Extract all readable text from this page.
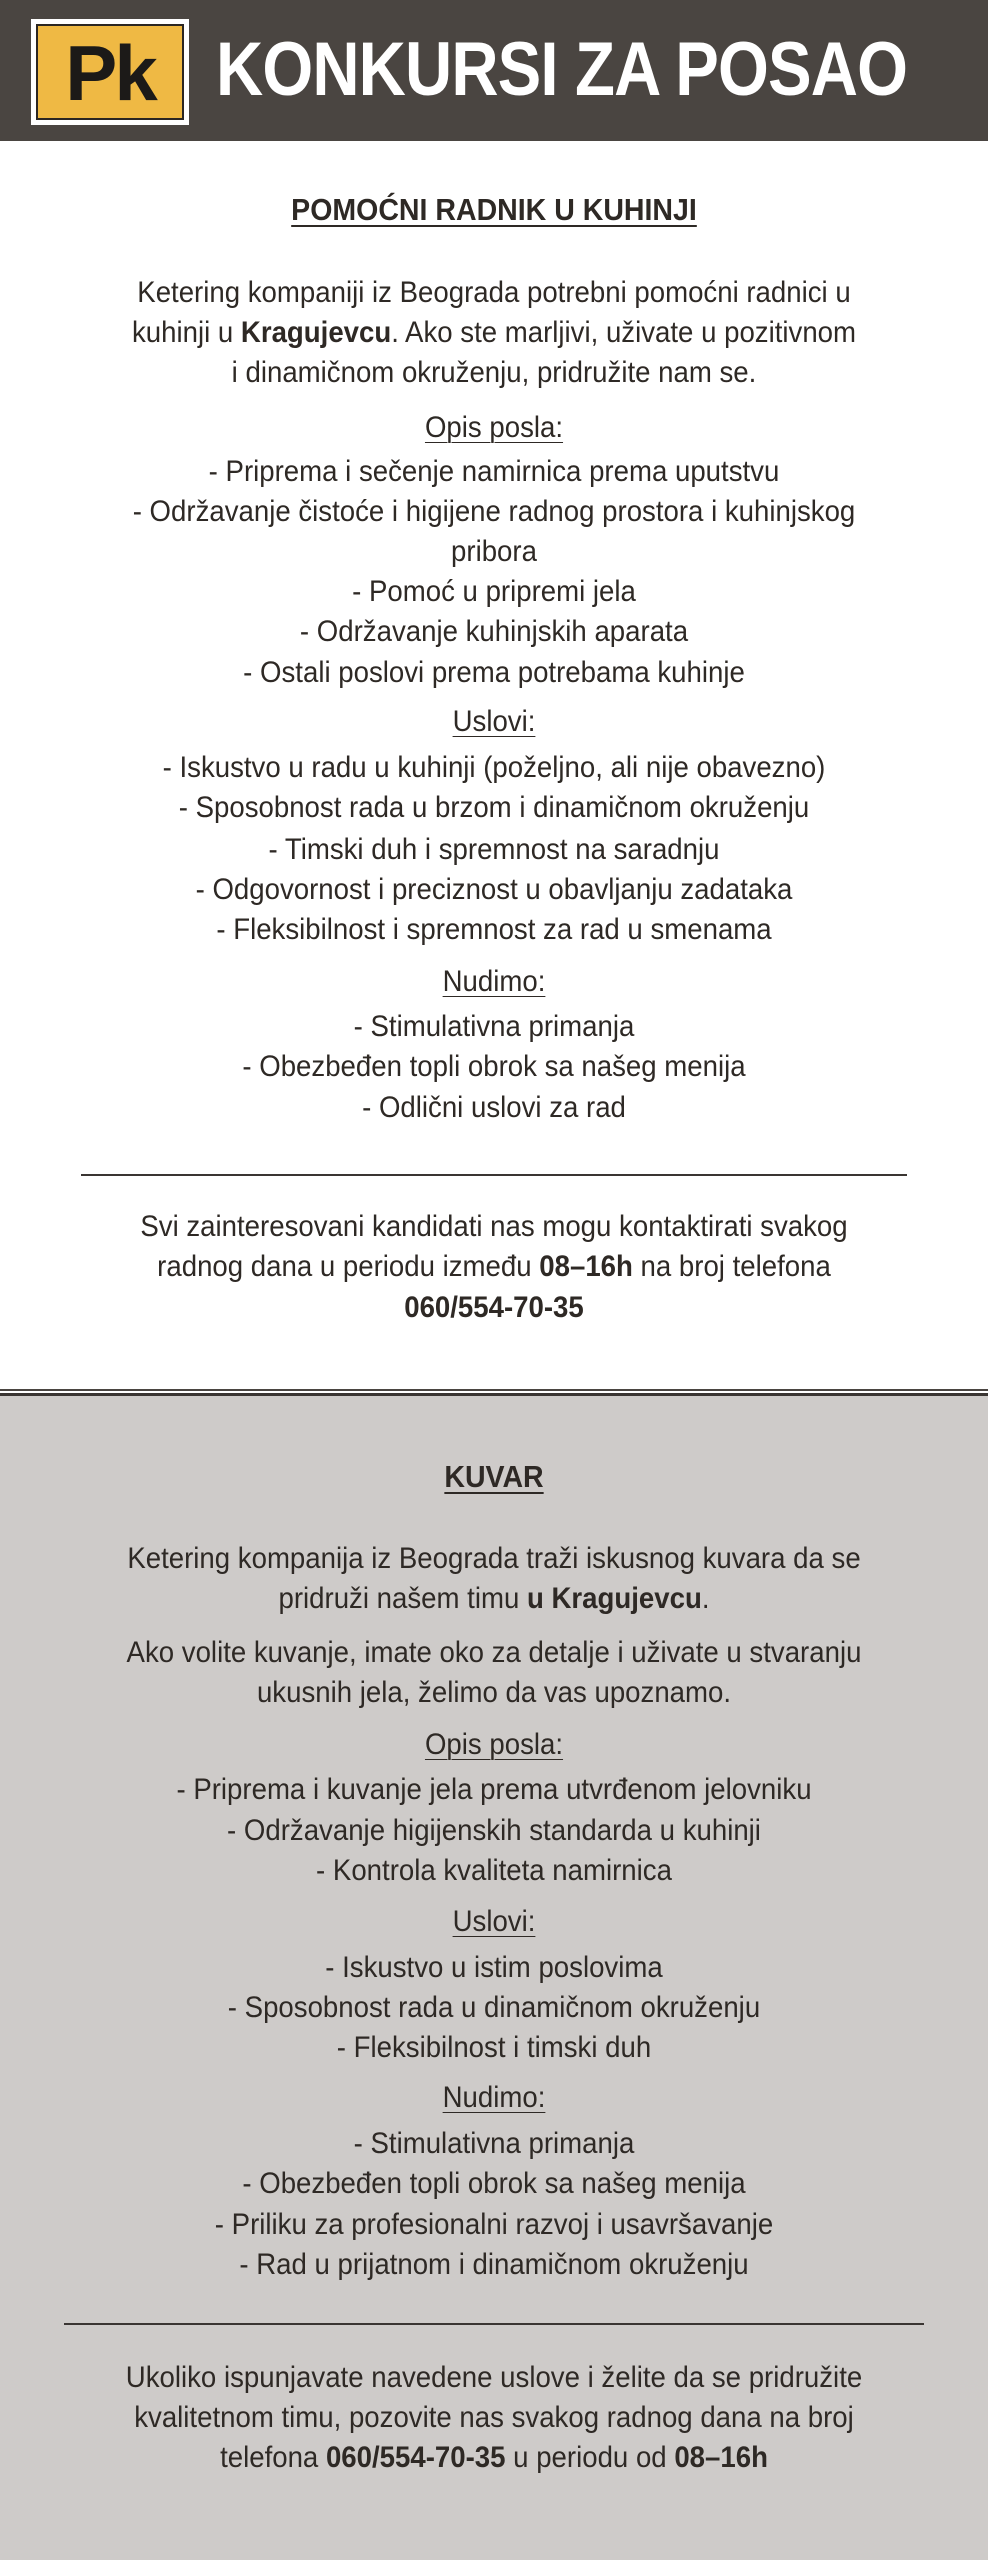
Pk KONKURSI ZA POSAO
POMOĆNI RADNIK U KUHINJI
Ketering kompaniji iz Beograda potrebni pomoćni radnici u
kuhinji u Kragujevcu. Ako ste marljivi, uživate u pozitivnom
i dinamičnom okruženju, pridružite nam se.
Opis posla:
- Priprema i sečenje namirnica prema uputstvu
- Održavanje čistoće i higijene radnog prostora i kuhinjskog
pribora
- Pomoć u pripremi jela
- Održavanje kuhinjskih aparata
- Ostali poslovi prema potrebama kuhinje
Uslovi:
- Iskustvo u radu u kuhinji (poželjno, ali nije obavezno)
- Sposobnost rada u brzom i dinamičnom okruženju
- Timski duh i spremnost na saradnju
- Odgovornost i preciznost u obavljanju zadataka
- Fleksibilnost i spremnost za rad u smenama
Nudimo:
- Stimulativna primanja
- Obezbeđen topli obrok sa našeg menija
- Odlični uslovi za rad
Svi zainteresovani kandidati nas mogu kontaktirati svakog
radnog dana u periodu između 08–16h na broj telefona
060/554-70-35
KUVAR
Ketering kompanija iz Beograda traži iskusnog kuvara da se
pridruži našem timu u Kragujevcu.
Ako volite kuvanje, imate oko za detalje i uživate u stvaranju
ukusnih jela, želimo da vas upoznamo.
Opis posla:
- Priprema i kuvanje jela prema utvrđenom jelovniku
- Održavanje higijenskih standarda u kuhinji
- Kontrola kvaliteta namirnica
Uslovi:
- Iskustvo u istim poslovima
- Sposobnost rada u dinamičnom okruženju
- Fleksibilnost i timski duh
Nudimo:
- Stimulativna primanja
- Obezbeđen topli obrok sa našeg menija
- Priliku za profesionalni razvoj i usavršavanje
- Rad u prijatnom i dinamičnom okruženju
Ukoliko ispunjavate navedene uslove i želite da se pridružite
kvalitetnom timu, pozovite nas svakog radnog dana na broj
telefona 060/554-70-35 u periodu od 08–16h
